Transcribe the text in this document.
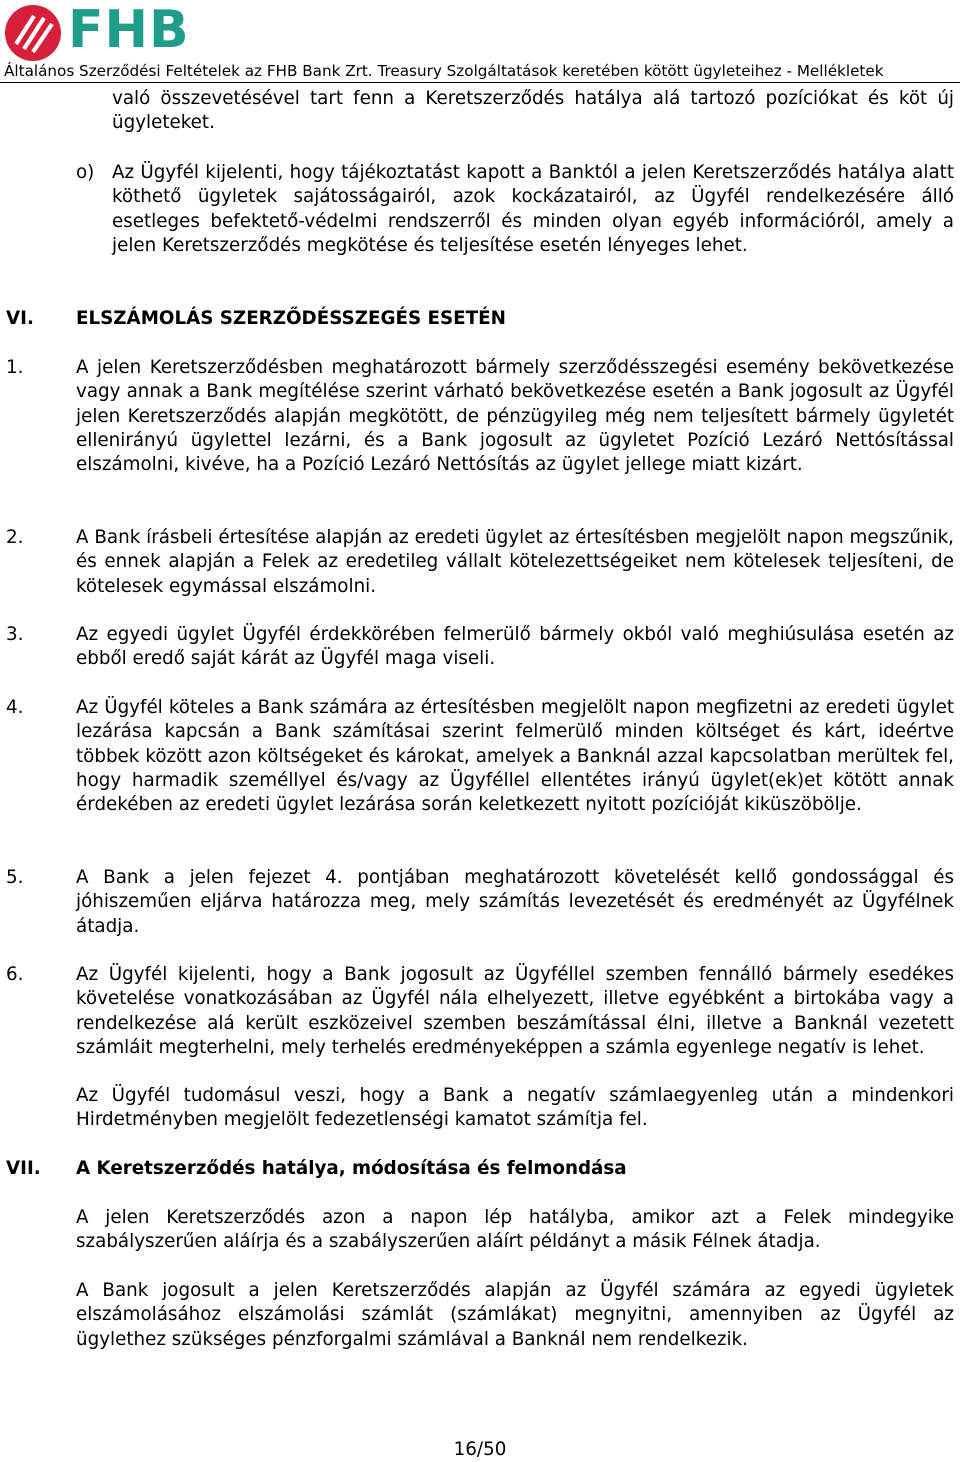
FHB
Általános Szerződési Feltételek az FHB Bank Zrt. Treasury Szolgáltatások keretében kötött ügyleteihez - Mellékletek

való összevetésével tart fenn a Keretszerződés hatálya alá tartozó pozíciókat és köt új ügyleteket.

o) Az Ügyfél kijelenti, hogy tájékoztatást kapott a Banktól a jelen Keretszerződés hatálya alatt köthető ügyletek sajátosságairól, azok kockázatairól, az Ügyfél rendelkezésére álló esetleges befektető-védelmi rendszerről és minden olyan egyéb információról, amely a jelen Keretszerződés megkötése és teljesítése esetén lényeges lehet.

VI. ELSZÁMOLÁS SZERZŐDÉSSZEGÉS ESETÉN
1.	A jelen Keretszerződésben meghatározott bármely szerződésszegési esemény bekövetkezése vagy annak a Bank megítélése szerint várható bekövetkezése esetén a Bank jogosult az Ügyfél jelen Keretszerződés alapján megkötött, de pénzügyileg még nem teljesített bármely ügyletét ellenirányú ügylettel lezárni, és a Bank jogosult az ügyletet Pozíció Lezáró Nettósítással elszámolni, kivéve, ha a Pozíció Lezáró Nettósítás az ügylet jellege miatt kizárt.

2.	A Bank írásbeli értesítése alapján az eredeti ügylet az értesítésben megjelölt napon megszűnik, és ennek alapján a Felek az eredetileg vállalt kötelezettségeiket nem kötelesek teljesíteni, de kötelesek egymással elszámolni.

3.	Az egyedi ügylet Ügyfél érdekkörében felmerülő bármely okból való meghiúsulása esetén az ebből eredő saját kárát az Ügyfél maga viseli.

4.	Az Ügyfél köteles a Bank számára az értesítésben megjelölt napon megfizetni az eredeti ügylet lezárása kapcsán a Bank számításai szerint felmerülő minden költséget és kárt, ideértve többek között azon költségeket és károkat, amelyek a Banknál azzal kapcsolatban merültek fel, hogy harmadik személlyel és/vagy az Ügyféllel ellentétes irányú ügylet(ek)et kötött annak érdekében az eredeti ügylet lezárása során keletkezett nyitott pozícióját kiküszöbölje.

5.	A Bank a jelen fejezet 4. pontjában meghatározott követelését kellő gondossággal és jóhiszeműen eljárva határozza meg, mely számítás levezetését és eredményét az Ügyfélnek átadja.

6.	Az Ügyfél kijelenti, hogy a Bank jogosult az Ügyféllel szemben fennálló bármely esedékes követelése vonatkozásában az Ügyfél nála elhelyezett, illetve egyébként a birtokába vagy a rendelkezése alá került eszközeivel szemben beszámítással élni, illetve a Banknál vezetett számláit megterhelni, mely terhelés eredményeképpen a számla egyenlege negatív is lehet.

Az Ügyfél tudomásul veszi, hogy a Bank a negatív számlaegyenleg után a mindenkori Hirdetményben megjelölt fedezetlenségi kamatot számítja fel.

VII. A Keretszerződés hatálya, módosítása és felmondása

A jelen Keretszerződés azon a napon lép hatályba, amikor azt a Felek mindegyike szabályszerűen aláírja és a szabályszerűen aláírt példányt a másik Félnek átadja.

A Bank jogosult a jelen Keretszerződés alapján az Ügyfél számára az egyedi ügyletek elszámolásához elszámolási számlát (számlákat) megnyitni, amennyiben az Ügyfél az ügylethez szükséges pénzforgalmi számlával a Banknál nem rendelkezik.

16/50
